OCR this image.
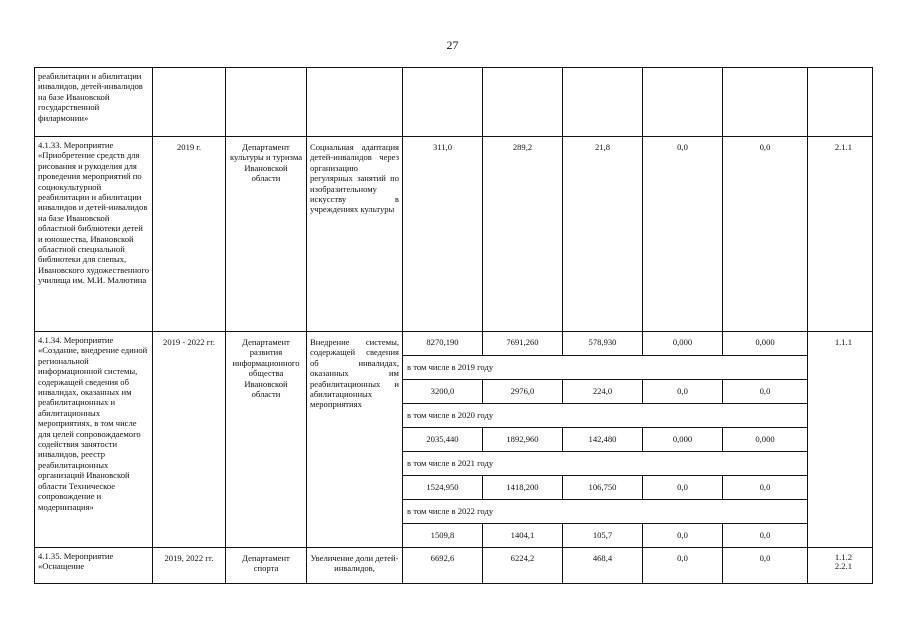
27
реабилитации и абилитации инвалидов, детей-инвалидов на базе Ивановской государственной филармонии»									
4.1.33. Мероприятие «Приобретение средств для рисования и рукоделия для проведения мероприятий по социокультурной реабилитации и абилитации инвалидов и детей-инвалидов на базе Ивановской областной библиотеки детей и юношества, Ивановской областной специальной библиотеки для слепых, Ивановского художественного училища им. М.И. Малютина	2019 г.	Департамент культуры и туризма Ивановской области	Социальная адаптация детей-инвалидов через организацию регулярных занятий по изобразительному искусству в учреждениях культуры	311,0	289,2	21,8	0,0	0,0	2.1.1
4.1.34. Мероприятие «Создание, внедрение единой региональной информационной системы, содержащей сведения об инвалидах, оказанных им реабилитационных и абилитационных мероприятиях, в том числе для целей сопровождаемого содействия занятости инвалидов, реестр реабилитационных организаций Ивановской области Техническое сопровождение и модернизация»	2019 - 2022 гг.	Департамент развития информационного общества Ивановской области	Внедрение системы, содержащей сведения об инвалидах, оказанных им реабилитационных и абилитационных мероприятиях	8270,190	7691,260	578,930	0,000	0,000	1.1.1
				в том числе в 2019 году					
				3200,0	2976,0	224,0	0,0	0,0	
				в том числе в 2020 году					
				2035,440	1892,960	142,480	0,000	0,000	
				в том числе в 2021 году					
				1524,950	1418,200	106,750	0,0	0,0	
				в том числе в 2022 году					
				1509,8	1404,1	105,7	0,0	0,0	
4.1.35. Мероприятие «Оснащение	2019, 2022 гг.	Департамент спорта	Увеличение доли детей-инвалидов,	6692,6	6224,2	468,4	0,0	0,0	1.1.2
2.2.1
